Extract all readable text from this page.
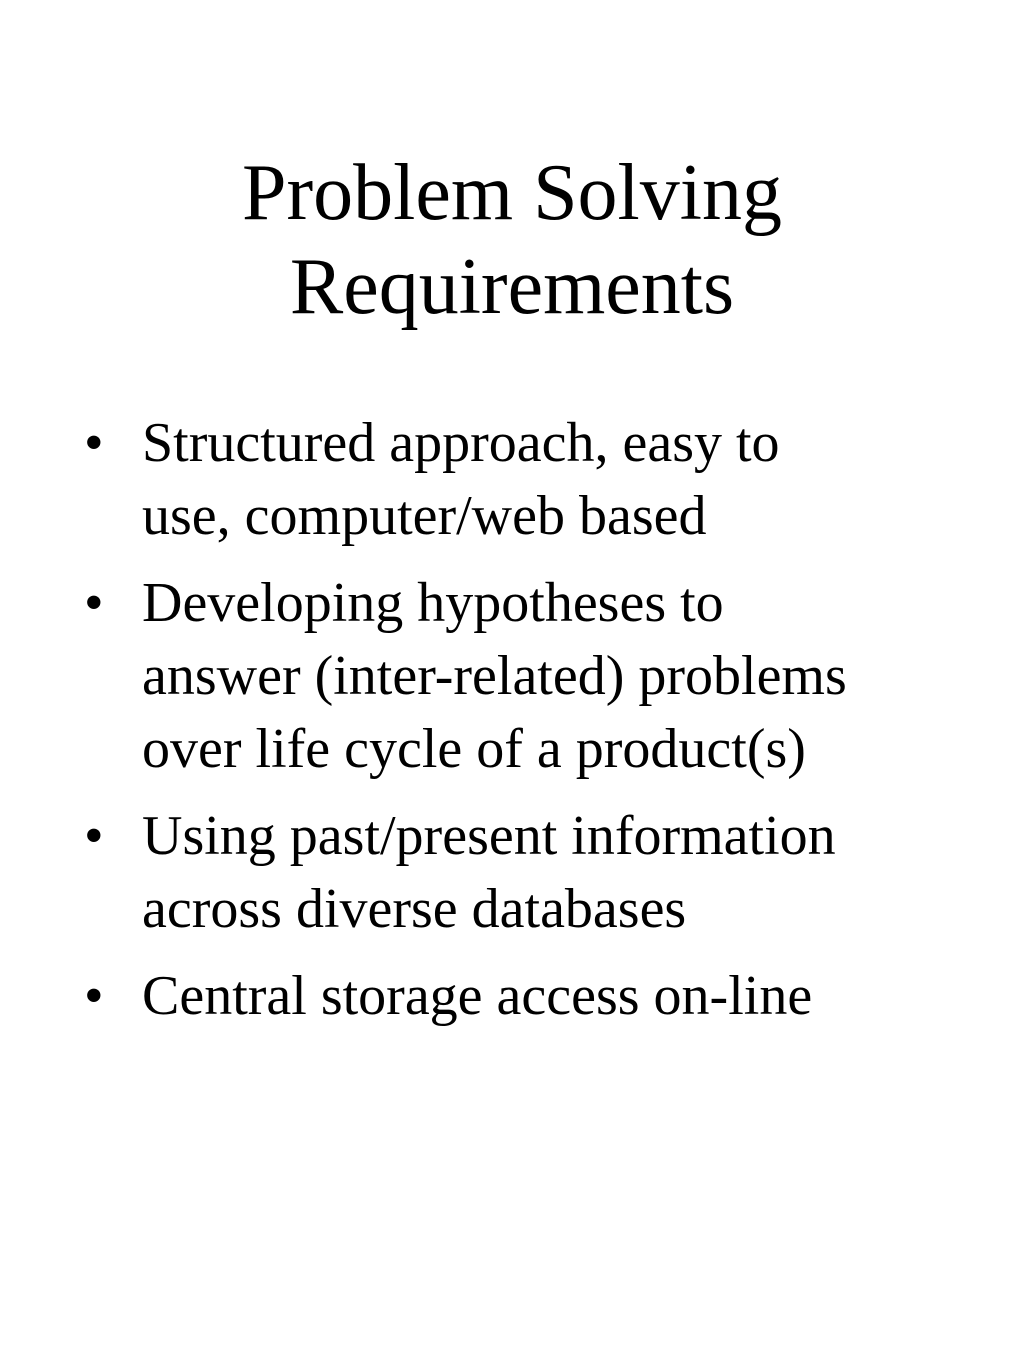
Problem Solving
Requirements
• Structured approach, easy to
use, computer/web based
• Developing hypotheses to
answer (inter-related) problems
over life cycle of a product(s)
• Using past/present information
across diverse databases
• Central storage access on-line
